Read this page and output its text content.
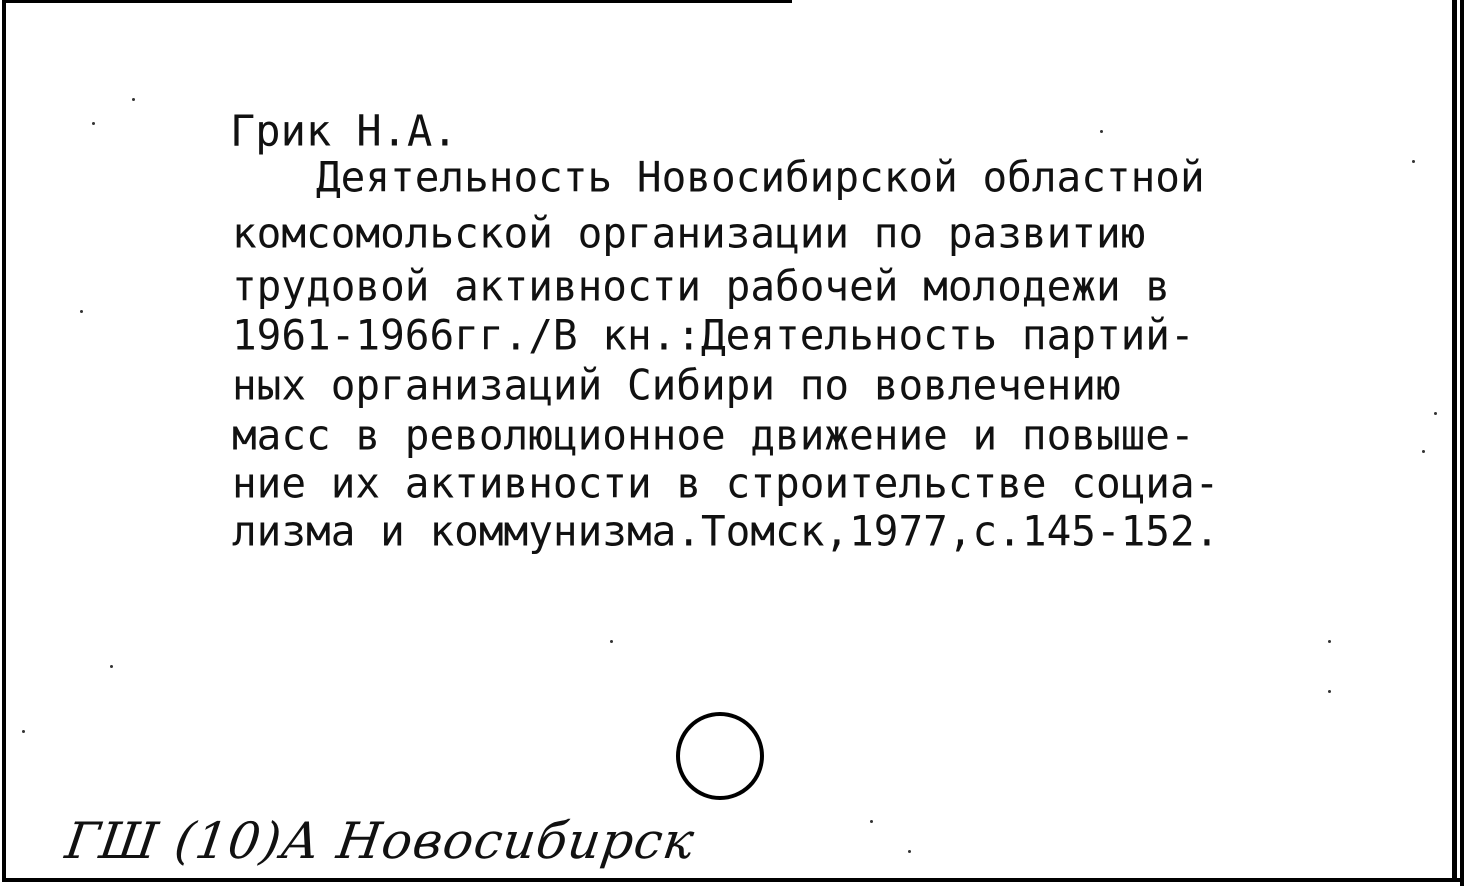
Грик Н.А.
Деятельность Новосибирской областной
комсомольской организации по развитию
трудовой активности рабочей молодежи в
1961-1966гг./В кн.:Деятельность партий-
ных организаций Сибири по вовлечению
масс в революционное движение и повыше-
ние их активности в строительстве социа-
лизма и коммунизма.Томск,1977,с.145-152.
ГШ (10)А Новосибирск
